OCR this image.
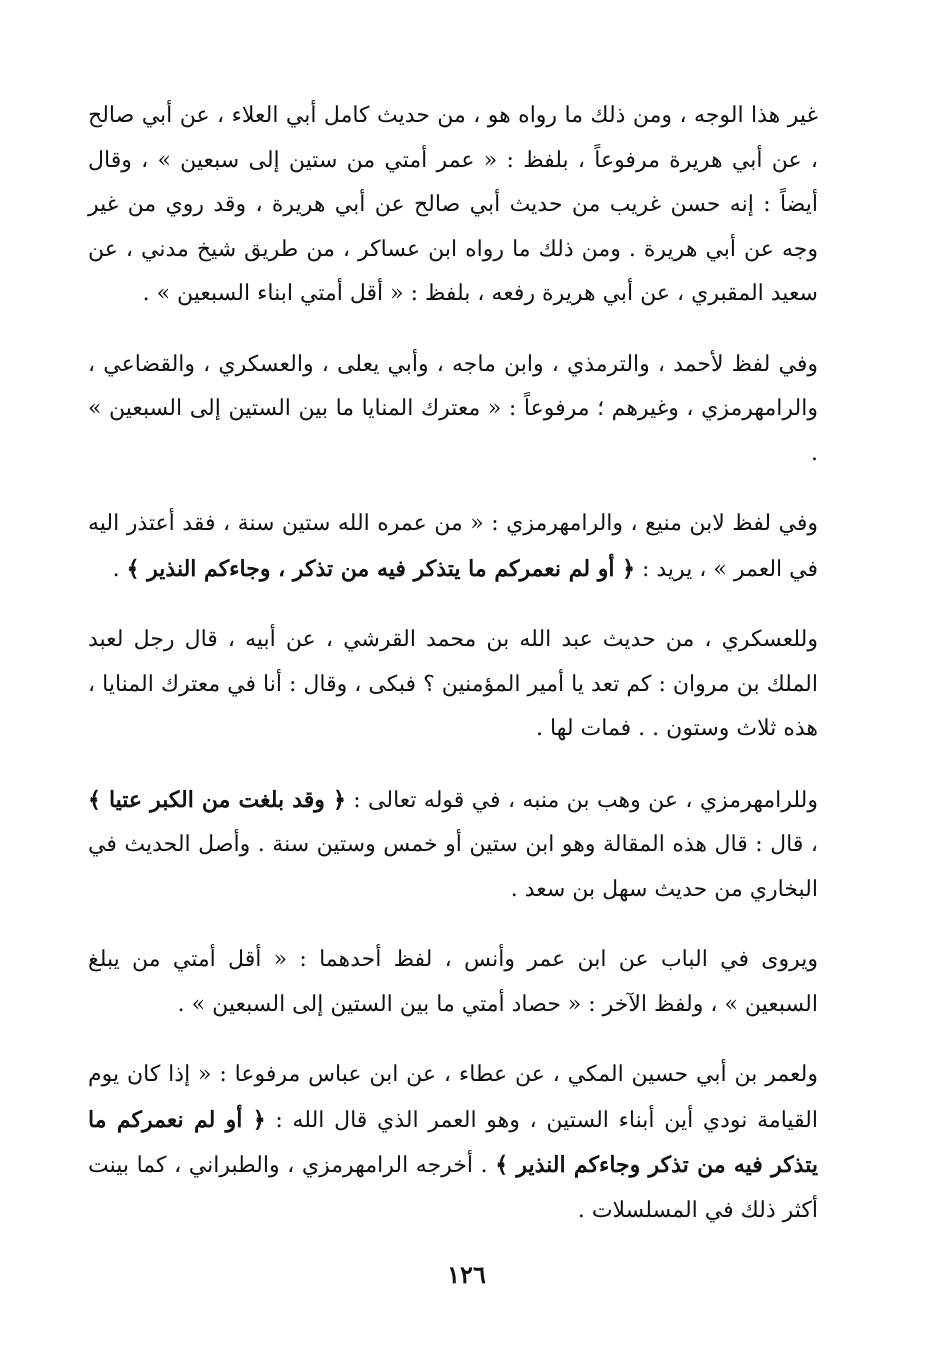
غير هذا الوجه ، ومن ذلك ما رواه هو ، من حديث كامل أبي العلاء ، عن أبي صالح ، عن أبي هريرة مرفوعاً ، بلفظ : « عمر أمتي من ستين إلى سبعين » ، وقال أيضاً : إنه حسن غريب من حديث أبي صالح عن أبي هريرة ، وقد روي من غير وجه عن أبي هريرة . ومن ذلك ما رواه ابن عساكر ، من طريق شيخ مدني ، عن سعيد المقبري ، عن أبي هريرة رفعه ، بلفظ : « أقل أمتي ابناء السبعين » .

وفي لفظ لأحمد ، والترمذي ، وابن ماجه ، وأبي يعلى ، والعسكري ، والقضاعي ، والرامهرمزي ، وغيرهم ؛ مرفوعاً : « معترك المنايا ما بين الستين إلى السبعين » .

وفي لفظ لابن منيع ، والرامهرمزي : « من عمره الله ستين سنة ، فقد أعتذر اليه في العمر » ، يريد : ﴿ أو لم نعمركم ما يتذكر فيه من تذكر ، وجاءكم النذير ﴾ .

وللعسكري ، من حديث عبد الله بن محمد القرشي ، عن أبيه ، قال رجل لعبد الملك بن مروان : كم تعد يا أمير المؤمنين ؟ فبكى ، وقال : أنا في معترك المنايا ، هذه ثلاث وستون . . فمات لها .

وللرامهرمزي ، عن وهب بن منبه ، في قوله تعالى : ﴿ وقد بلغت من الكبر عتيا ﴾ ، قال : قال هذه المقالة وهو ابن ستين أو خمس وستين سنة . وأصل الحديث في البخاري من حديث سهل بن سعد .

ويروى في الباب عن ابن عمر وأنس ، لفظ أحدهما : « أقل أمتي من يبلغ السبعين » ، ولفظ الآخر : « حصاد أمتي ما بين الستين إلى السبعين » .

ولعمر بن أبي حسين المكي ، عن عطاء ، عن ابن عباس مرفوعا : « إذا كان يوم القيامة نودي أين أبناء الستين ، وهو العمر الذي قال الله : ﴿ أو لم نعمركم ما يتذكر فيه من تذكر وجاءكم النذير ﴾ . أخرجه الرامهرمزي ، والطبراني ، كما بينت أكثر ذلك في المسلسلات .

١٢٦
